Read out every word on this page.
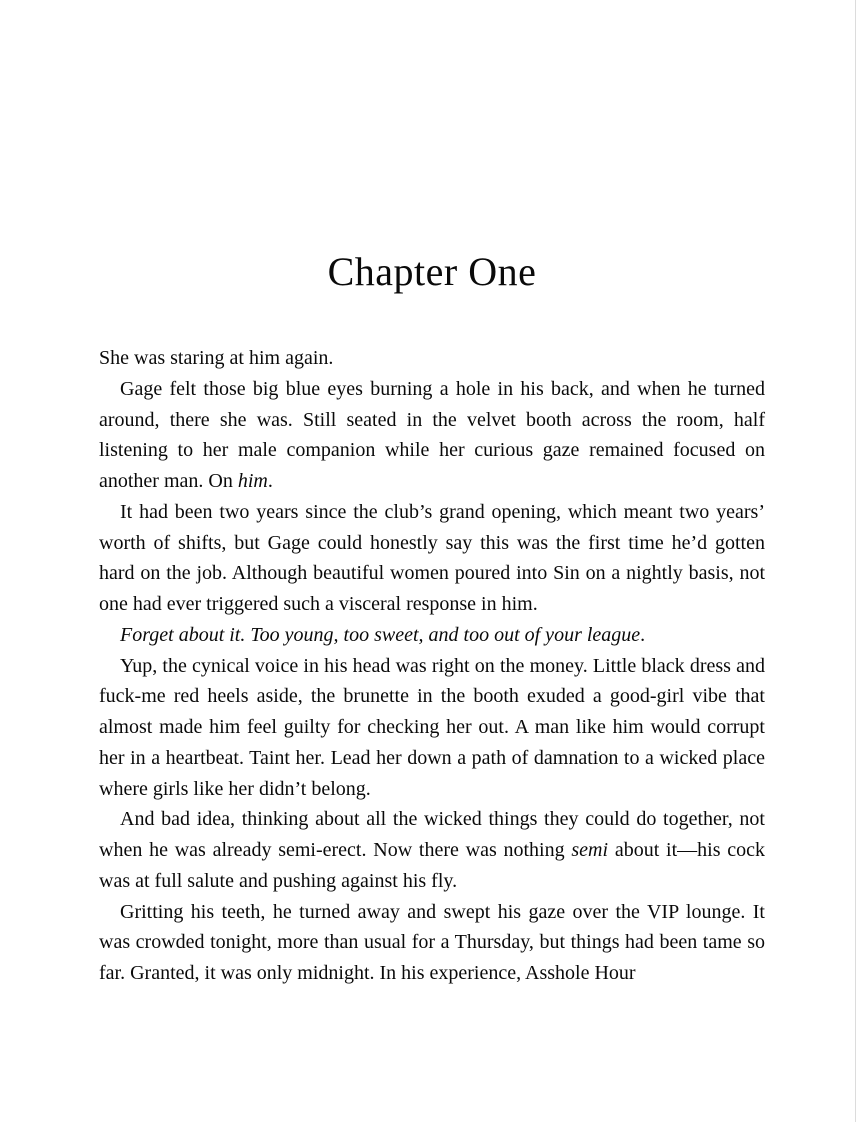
Chapter One

She was staring at him again.

Gage felt those big blue eyes burning a hole in his back, and when he turned around, there she was. Still seated in the velvet booth across the room, half listening to her male companion while her curious gaze remained focused on another man. On him.

It had been two years since the club’s grand opening, which meant two years’ worth of shifts, but Gage could honestly say this was the first time he’d gotten hard on the job. Although beautiful women poured into Sin on a nightly basis, not one had ever triggered such a visceral response in him.

Forget about it. Too young, too sweet, and too out of your league.

Yup, the cynical voice in his head was right on the money. Little black dress and fuck-me red heels aside, the brunette in the booth exuded a good-girl vibe that almost made him feel guilty for checking her out. A man like him would corrupt her in a heartbeat. Taint her. Lead her down a path of damnation to a wicked place where girls like her didn’t belong.

And bad idea, thinking about all the wicked things they could do together, not when he was already semi-erect. Now there was nothing semi about it—his cock was at full salute and pushing against his fly.

Gritting his teeth, he turned away and swept his gaze over the VIP lounge. It was crowded tonight, more than usual for a Thursday, but things had been tame so far. Granted, it was only midnight. In his experience, Asshole Hour
